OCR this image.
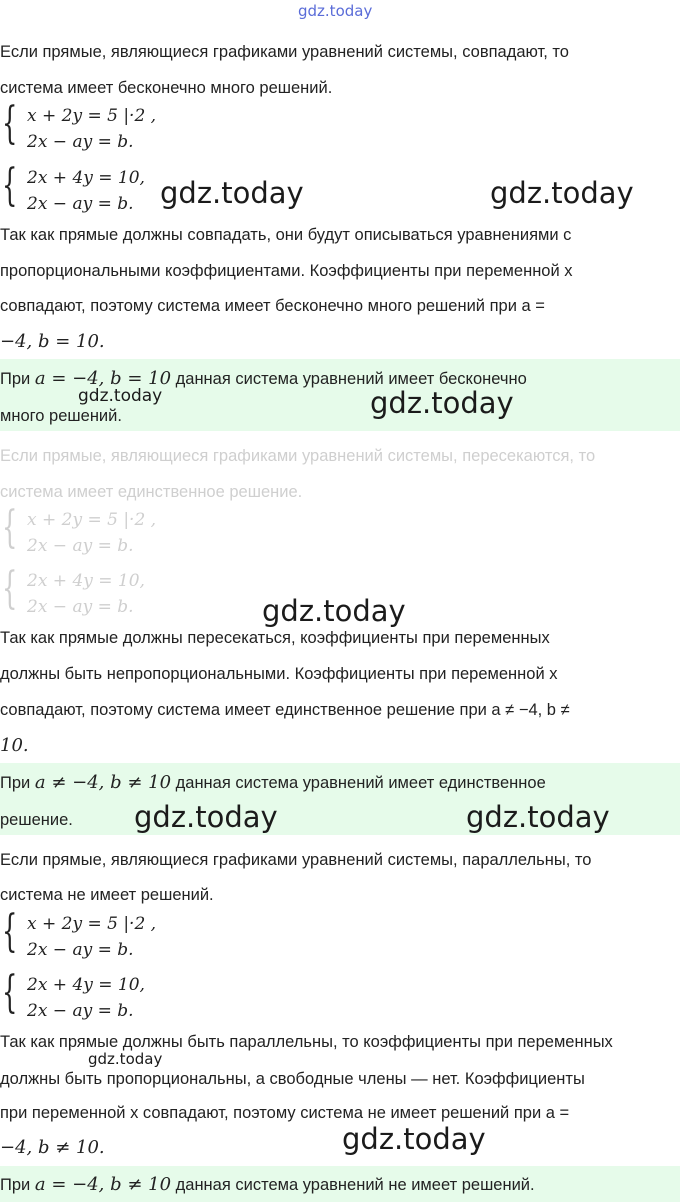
gdz.today
Если прямые, являющиеся графиками уравнений системы, совпадают, то
система имеет бесконечно много решений.
{ x + 2y = 5 |·2 ,
2x − ay = b.
{ 2x + 4y = 10,
2x − ay = b.
Так как прямые должны совпадать, они будут описываться уравнениями с
пропорциональными коэффициентами. Коэффициенты при переменной x
совпадают, поэтому система имеет бесконечно много решений при a =
−4, b = 10.
При a = −4, b = 10 данная система уравнений имеет бесконечно
много решений.
Если прямые, являющиеся графиками уравнений системы, пересекаются, то
система имеет единственное решение.
{ x + 2y = 5 |·2 ,
2x − ay = b.
{ 2x + 4y = 10,
2x − ay = b.
Так как прямые должны пересекаться, коэффициенты при переменных
должны быть непропорциональными. Коэффициенты при переменной x
совпадают, поэтому система имеет единственное решение при a ≠ −4, b ≠
10.
При a ≠ −4, b ≠ 10 данная система уравнений имеет единственное
решение.
Если прямые, являющиеся графиками уравнений системы, параллельны, то
система не имеет решений.
{ x + 2y = 5 |·2 ,
2x − ay = b.
{ 2x + 4y = 10,
2x − ay = b.
Так как прямые должны быть параллельны, то коэффициенты при переменных
должны быть пропорциональны, а свободные члены — нет. Коэффициенты
при переменной x совпадают, поэтому система не имеет решений при a =
−4, b ≠ 10.
При a = −4, b ≠ 10 данная система уравнений не имеет решений.
gdz.today	gdz.today
gdz.today	gdz.today
gdz.today
gdz.today	gdz.today
gdz.today
gdz.today
